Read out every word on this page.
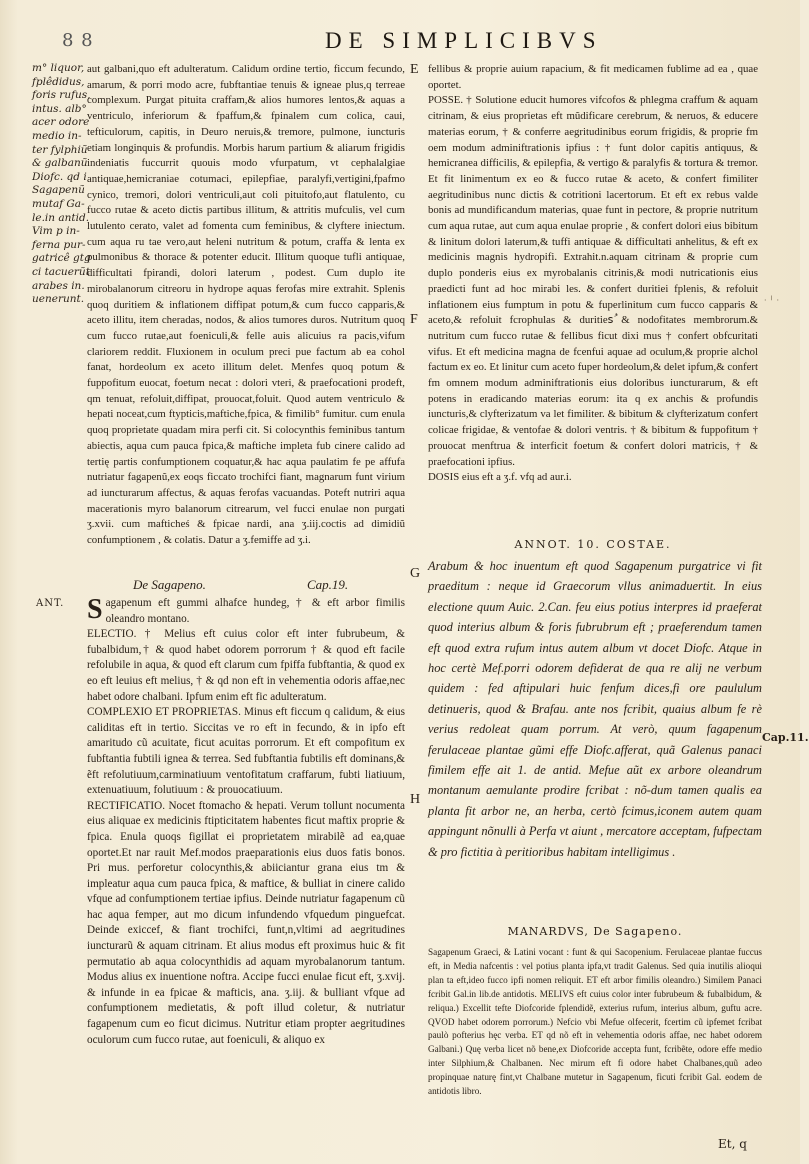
8 8	DE SIMPLICIBVS
m° liquor,
fplêdidus,
foris rufus,
intus. alb°
acer odore
medio in-
ter fylphiũ
& galbanũ
Diofc. qd i
Sagapenũ
mutaf Ga-
le.in antid.
Vim p in-
ferna pur-
gatricê gtg
ci tacuerũt
arabes in.
uenerunt.

aut galbani,quo eft adulteratum. Calidum ordine tertio, ficcum fecundo, amarum, & porri modo acre, fubftantiae tenuis & igneae plus,q terreae complexum. Purgat pituita craffam,& alios humores lentos,& aquas a ventriculo, inferiorum & fpaffum,& fpinalem cum colica, caui, tefticulorum, capitis, in Deuro neruis,& tremore, pulmone, iuncturis etiam longinquis & profundis. Morbis harum partium & aliarum frigidis indeniatis fuccurrit quouis modo vfurpatum, vt cephalalgiae antiquae,hemicraniae cotumaci, epilepfiae, paralyfi,vertigini,fpafmo cynico, tremori, dolori ventriculi,aut coli pituitofo,aut flatulento, cu fucco rutae & aceto dictis partibus illitum, & attritis mufculis, vel cum lutulento cerato, valet ad fomenta cum feminibus, & clyftere iniectum. cum aqua ru tae vero,aut heleni nutritum & potum, craffa & lenta ex pulmonibus & thorace & potenter educit. Illitum quoque tufli antiquae, difficultati fpirandi, dolori laterum , podest. Cum duplo ite mirobalanorum citreoru in hydrope aquas ferofas mire extrahit. Splenis quoq duritiem & inflationem diffipat potum,& cum fucco capparis,& aceto illitu, item cheradas, nodos, & alios tumores duros. Nutritum quoq cum fucco rutae,aut foeniculi,& felle auis alicuius ra pacis,vifum clariorem reddit. Fluxionem in oculum preci pue factum ab ea cohol fanat, hordeolum ex aceto illitum delet. Menfes quoq potum & fuppofitum euocat, foetum necat : dolori vteri, & praefocationi prodeft, qm tenuat, refoluit,diffipat, prouocat,foluit. Quod autem ventriculo & hepati noceat,cum ftypticis,maftiche,fpica, & fimilib° fumitur. cum enula quoq proprietate quadam mira perfi cit. Si colocynthis feminibus tantum abiectis, aqua cum pauca fpica,& maftiche impleta fub cinere calido ad tertię partis confumptionem coquatur,& hac aqua paulatim fe pe affufa nutriatur fagapenũ,ex eoqs ficcato trochifci fiant, magnarum funt virium ad iuncturarum affectus, & aquas ferofas vacuandas. Poteft nutriri aqua macerationis myro balanorum citrearum, vel fucci enulae non purgati ʒ.xvii. cum mafticheś & fpicae nardi, ana ʒ.iij.coctis ad dimidiũ confumptionem , & colatis. Datur a ʒ.femiffe ad ʒ.i.

De Sagapeno.	Cap.19.
ANT. Sagapenum eft gummi alhafce hundeg, † & eft arbor fimilis oleandro montano.

ELECTIO. † Melius eft cuius color eft inter fubrubeum, & fubalbidum,† & quod habet odorem porrorum † & quod eft facile refolubile in aqua, & quod eft clarum cum fpiffa fubftantia, & quod ex eo eft leuius eft melius, † & qd non eft in vehementia odoris affae,nec habet odore chalbani. Ipfum enim eft fic adulteratum.

COMPLEXIO ET PROPRIETAS. Minus eft ficcum q calidum, & eius caliditas eft in tertio. Siccitas ve ro eft in fecundo, & in ipfo eft amaritudo cũ acuitate, ficut acuitas porrorum. Et eft compofitum ex fubftantia fubtili ignea & terrea. Sed fubftantia fubtilis eft dominans,& ẽft refolutiuum,carminatiuum ventofitatum craffarum, fubti liatiuum, extenuatiuum, folutiuum : & prouocatiuum.

RECTIFICATIO. Nocet ftomacho & hepati. Verum tollunt nocumenta eius aliquae ex medicinis ftipticitatem habentes ficut maftix proprie & fpica. Enula quoqs figillat ei proprietatem mirabilẽ ad ea,quae oportet.Et nar rauit Mef.modos praeparationis eius duos fatis bonos. Pri mus. perforetur colocynthis,& abiiciantur grana eius tm & impleatur aqua cum pauca fpica, & maftice, & bulliat in cinere calido vfque ad confumptionem tertiae ipfius. Deinde nutriatur fagapenum cũ hac aqua femper, aut mo dicum infundendo vfquedum pinguefcat. Deinde exiccef, & fiant trochifci, funt,n,vltimi ad aegritudines iuncturarũ & aquam citrinam. Et alius modus eft proximus huic & fit permutatio ab aqua colocynthidis ad aquam myrobalanorum tantum. Modus alius ex inuentione noftra. Accipe fucci enulae ficut eft, ʒ.xvij. & infunde in ea fpicae & mafticis, ana. ʒ.iij. & bulliant vfque ad confumptionem medietatis, & poft illud coletur, & nutriatur fagapenum cum eo ficut dicimus. Nutritur etiam propter aegritudines oculorum cum fucco rutae, aut foeniculi, & aliquo ex

E
F
G
H

fellibus & proprie auium rapacium, & fit medicamen fublime ad ea , quae oportet.

POSSE. † Solutione educit humores vifcofos & phlegma craffum & aquam citrinam, & eius proprietas eft mũdificare cerebrum, & neruos, & educere materias eorum, † & conferre aegritudinibus eorum frigidis, & proprie fm oem modum adminiftrationis ipfius : † funt dolor capitis antiquus, & hemicranea difficilis, & epilepfia, & vertigo & paralyfis & tortura & tremor. Et fit linimentum ex eo & fucco rutae & aceto, & confert fimiliter aegritudinibus nunc dictis & cotritioni lacertorum. Et eft ex rebus valde bonis ad mundificandum materias, quae funt in pectore, & proprie nutritum cum aqua rutae, aut cum aqua enulae proprie , & confert dolori eius bibitum & linitum dolori laterum,& tuffi antiquae & difficultati anhelitus, & eft ex medicinis magnis hydropifi. Extrahit.n.aquam citrinam & proprie cum duplo ponderis eius ex myrobalanis citrinis,& modi nutricationis eius praedicti funt ad hoc mirabi les. & confert duritiei fplenis, & refoluit inflationem eius fumptum in potu & fuperlinitum cum fucco capparis & aceto,& refoluit fcrophulas & duritiesُ & nodofitates membrorum.& nutritum cum fucco rutae & fellibus ficut dixi mus † confert obfcuritati vifus. Et eft medicina magna de fcenfui aquae ad oculum,& proprie alchol factum ex eo. Et linitur cum aceto fuper hordeolum,& delet ipfum,& confert fm omnem modum adminiftrationis eius doloribus iuncturarum, & eft potens in eradicando materias eorum: ita q ex anchis & profundis iuncturis,& clyfterizatum va let fimiliter. & bibitum & clyfterizatum confert colicae frigidae, & ventofae & dolori ventris. † & bibitum & fuppofitum † prouocat menftrua & interficit foetum & confert dolori matricis, † & praefocationi ipfius.

DOSIS eius eft a ʒ.f. vfq ad aur.i.

ANNOT. 10. COSTAE.

Arabum & hoc inuentum eft quod Sagapenum purgatrice vi fit praeditum : neque id Graecorum vllus animaduertit. In eius electione quum Auic. 2.Can. feu eius potius interpres id praeferat quod interius album & foris fubrubrum eft ; praeferendum tamen eft quod extra rufum intus autem album vt docet Diofc. Atque in hoc certè Mef.porri odorem defiderat de qua re alij ne verbum quidem : fed aftipulari huic fenfum dices,fi ore paululum detinueris, quod & Brafau. ante nos fcribit, quaius album fe rè verius redoleat quam porrum. At verò, quum fagapenum ferulaceae plantae gũmi effe Diofc.afferat, quã Galenus panaci fimilem effe ait 1. de antid. Mefue aũt ex arbore oleandrum montanum aemulante prodire fcribat : nõ-dum tamen qualis ea planta fit arbor ne, an herba, certò fcimus,iconem autem quam appingunt nõnulli à Perfa vt aiunt , mercatore acceptam, fufpectam & pro fictitia à peritioribus habitam intelligimus .

Cap.11.
· ╵ ·
MANARDVS, De Sagapeno.

Sagapenum Graeci, & Latini vocant : funt & qui Sacopenium. Ferulaceae plantae fuccus eft, in Media nafcentis : vel potius planta ipfa,vt tradit Galenus. Sed quia inutilis alioqui plan ta eft,ideo fucco ipfi nomen reliquit. ET eft arbor fimilis oleandro.) Similem Panaci fcribit Gal.in lib.de antidotis. MELIVS eft cuius color inter fubrubeum & fubalbidum, & reliqua.) Excellit tefte Diofcoride fplendidẽ, exterius rufum, interius album, guftu acre. QVOD habet odorem porrorum.) Nefcio vbi Mefue olfecerit, fcertim cũ ipfemet fcribat paulò pofterius hęc verba. ET qd nõ eft in vehementia odoris affae, nec habet odorem Galbani.) Quę verba licet nõ bene,ex Diofcoride accepta funt, fcribẽte, odore effe medio inter Silphium,& Chalbanen. Nec mirum eft fi odore habet Chalbanes,quũ adeo propinquae naturę fint,vt Chalbane mutetur in Sagapenum, ficuti fcribit Gal. eodem de antidotis libro.

Et, q
